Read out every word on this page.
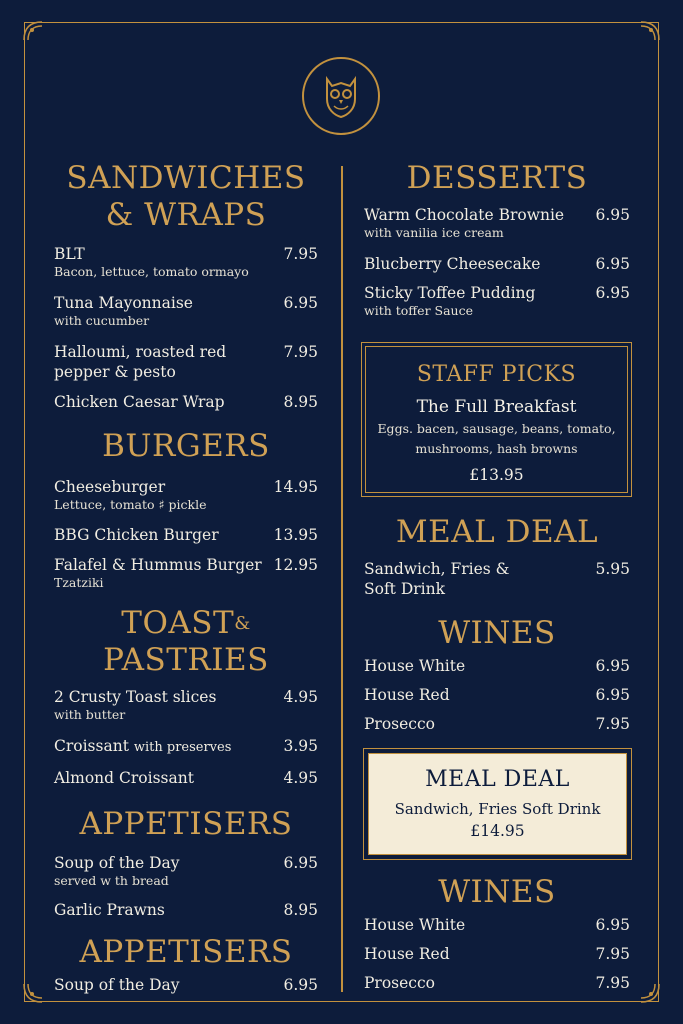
SANDWICHES
& WRAPS
BLT	7.95
Bacon, lettuce, tomato ormayo
Tuna Mayonnaise	6.95
with cucumber
Halloumi, roasted red pepper & pesto
7.95
Chicken Caesar Wrap	8.95
BURGERS
Cheeseburger	14.95
Lettuce, tomato ♯ pickle
BBG Chicken Burger	13.95
Falafel & Hummus Burger 12.95
Tzatziki
TOAST&
PASTRIES
2 Crusty Toast slices	4.95
with butter
Croissant with preserves	3.95
Almond Croissant	4.95
APPETISERS
Soup of the Day	6.95
served w th bread
Garlic Prawns	8.95
APPETISERS
Soup of the Day	6.95
DESSERTS
Warm Chocolate Brownie	6.95
with vanilia ice cream
Blucberry Cheesecake	6.95
Sticky Toffee Pudding	6.95
with toffer Sauce
STAFF PICKS
The Full Breakfast
Eggs. bacen, sausage, beans, tomato,
mushrooms, hash browns
£13.95
MEAL DEAL
Sandwich, Fries &
Soft Drink
5.95
WINES
House White	6.95
House Red	6.95
Prosecco	7.95
MEAL DEAL
Sandwich, Fries Soft Drink
£14.95
WINES
House White	6.95
House Red	7.95
Prosecco	7.95
